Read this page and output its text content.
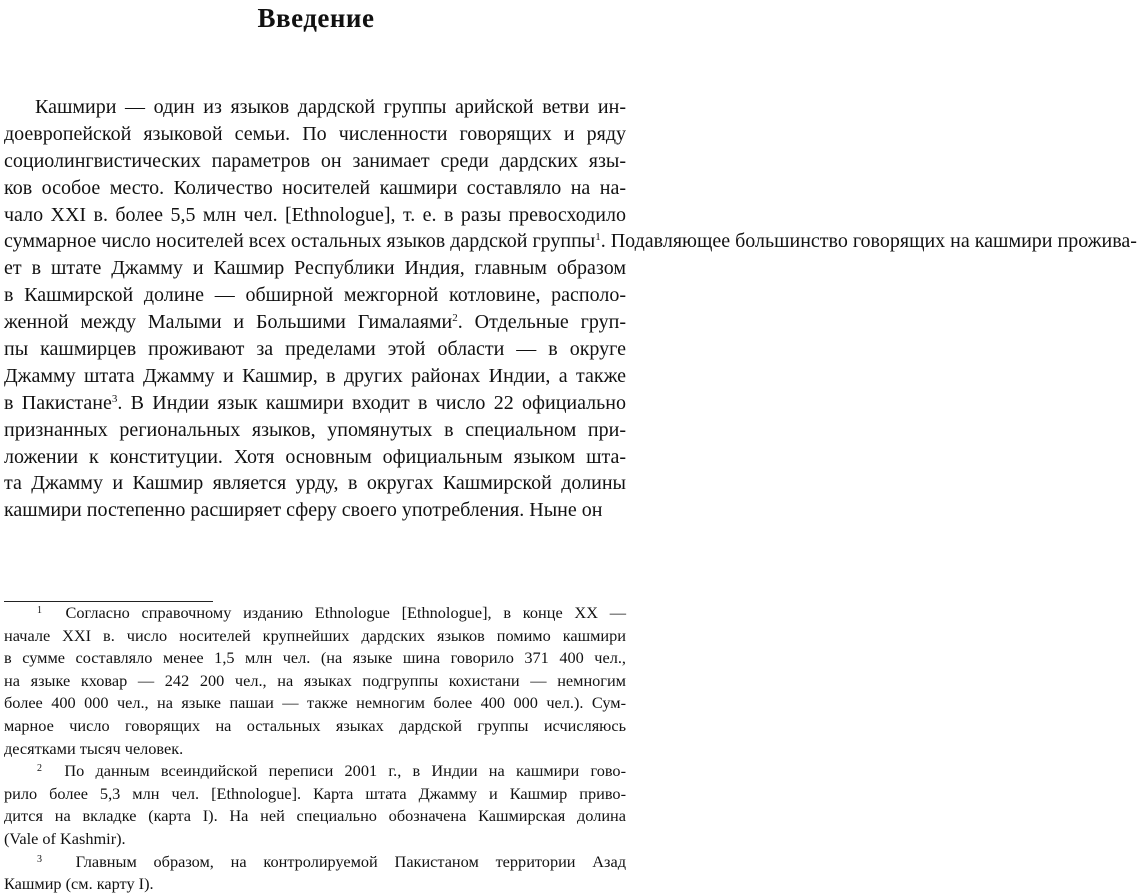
Введение
Кашмири — один из языков дардской группы арийской ветви ин-
доевропейской языковой семьи. По численности говорящих и ряду
социолингвистических параметров он занимает среди дардских язы-
ков особое место. Количество носителей кашмири составляло на на-
чало XXI в. более 5,5 млн чел. [Ethnologue], т. е. в разы превосходило
суммарное число носителей всех остальных языков дардской группы$^1$. Подавляющее большинство говорящих на кашмири прожива-
ет в штате Джамму и Кашмир Республики Индия, главным образом
в Кашмирской долине — обширной межгорной котловине, располо-
женной между Малыми и Большими Гималаями$^2$. Отдельные груп-
пы кашмирцев проживают за пределами этой области — в округе
Джамму штата Джамму и Кашмир, в других районах Индии, а также
в Пакистане$^3$. В Индии язык кашмири входит в число 22 официально
признанных региональных языков, упомянутых в специальном при-
ложении к конституции. Хотя основным официальным языком шта-
та Джамму и Кашмир является урду, в округах Кашмирской долины
кашмири постепенно расширяет сферу своего употребления. Ныне он
$^1$ Согласно справочному изданию Ethnologue [Ethnologue], в конце XX —
начале XXI в. число носителей крупнейших дардских языков помимо кашмири
в сумме составляло менее 1,5 млн чел. (на языке шина говорило 371 400 чел.,
на языке кховар — 242 200 чел., на языках подгруппы кохистани — немногим
более 400 000 чел., на языке пашаи — также немногим более 400 000 чел.). Сум-
марное число говорящих на остальных языках дардской группы исчисляюсь
десятками тысяч человек.
$^2$ По данным всеиндийской переписи 2001 г., в Индии на кашмири гово-
рило более 5,3 млн чел. [Ethnologue]. Карта штата Джамму и Кашмир приво-
дится на вкладке (карта I). На ней специально обозначена Кашмирская долина
(Vale of Kashmir).
$^3$ Главным образом, на контролируемой Пакистаном территории Азад
Кашмир (см. карту I).
